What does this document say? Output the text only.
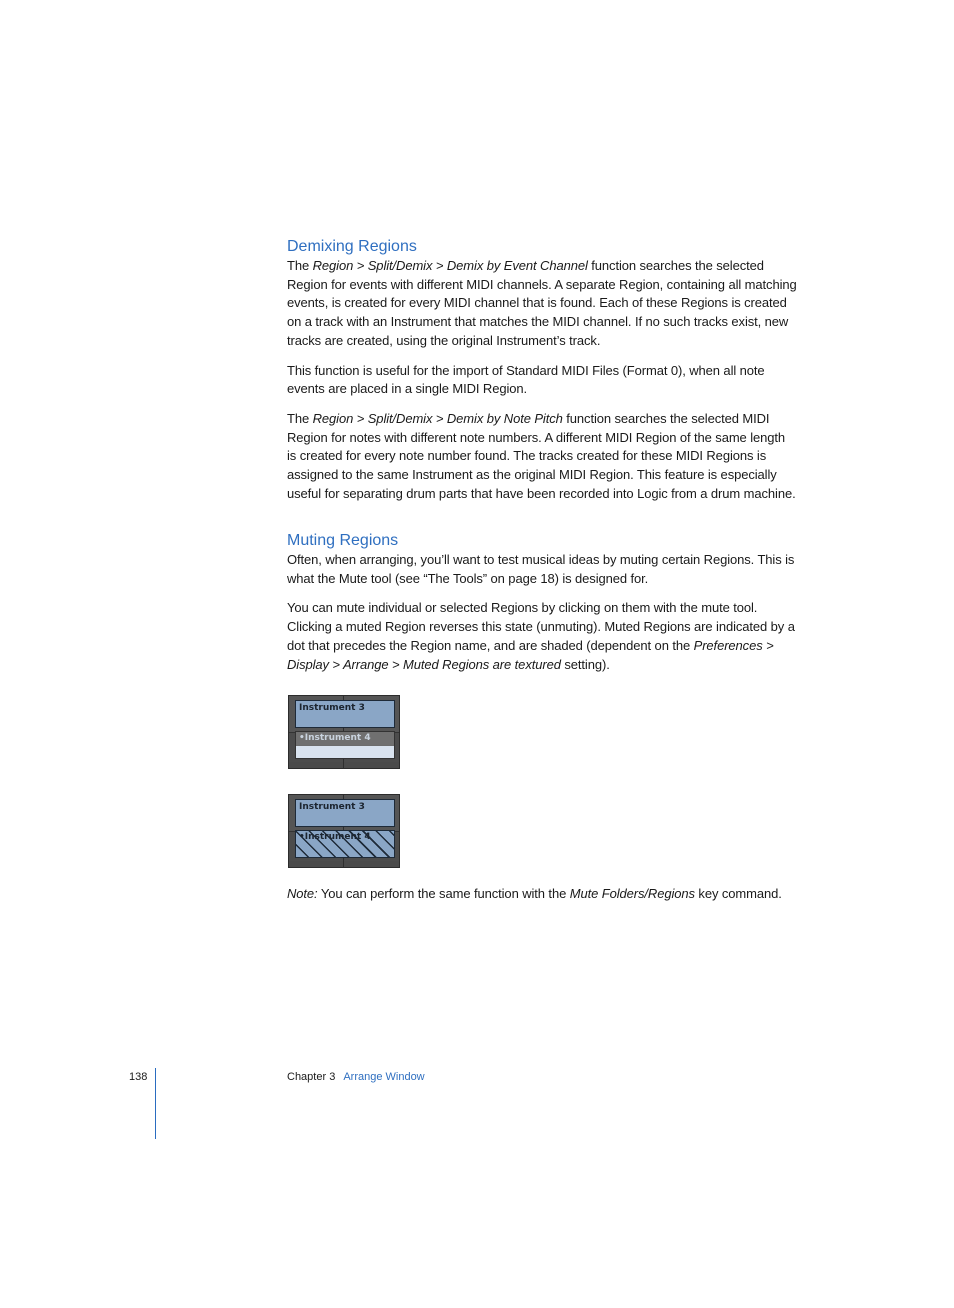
Demixing Regions

The Region > Split/Demix > Demix by Event Channel function searches the selected Region for events with different MIDI channels. A separate Region, containing all matching events, is created for every MIDI channel that is found. Each of these Regions is created on a track with an Instrument that matches the MIDI channel. If no such tracks exist, new tracks are created, using the original Instrument’s track.

This function is useful for the import of Standard MIDI Files (Format 0), when all note events are placed in a single MIDI Region.

The Region > Split/Demix > Demix by Note Pitch function searches the selected MIDI Region for notes with different note numbers. A different MIDI Region of the same length is created for every note number found. The tracks created for these MIDI Regions is assigned to the same Instrument as the original MIDI Region. This feature is especially useful for separating drum parts that have been recorded into Logic from a drum machine.

Muting Regions

Often, when arranging, you’ll want to test musical ideas by muting certain Regions. This is what the Mute tool (see “The Tools” on page 18) is designed for.

You can mute individual or selected Regions by clicking on them with the mute tool. Clicking a muted Region reverses this state (unmuting). Muted Regions are indicated by a dot that precedes the Region name, and are shaded (dependent on the Preferences > Display > Arrange > Muted Regions are textured setting).

Instrument 3
•Instrument 4
Instrument 3
•Instrument 4

Note: You can perform the same function with the Mute Folders/Regions key command.

138	Chapter 3 Arrange Window
